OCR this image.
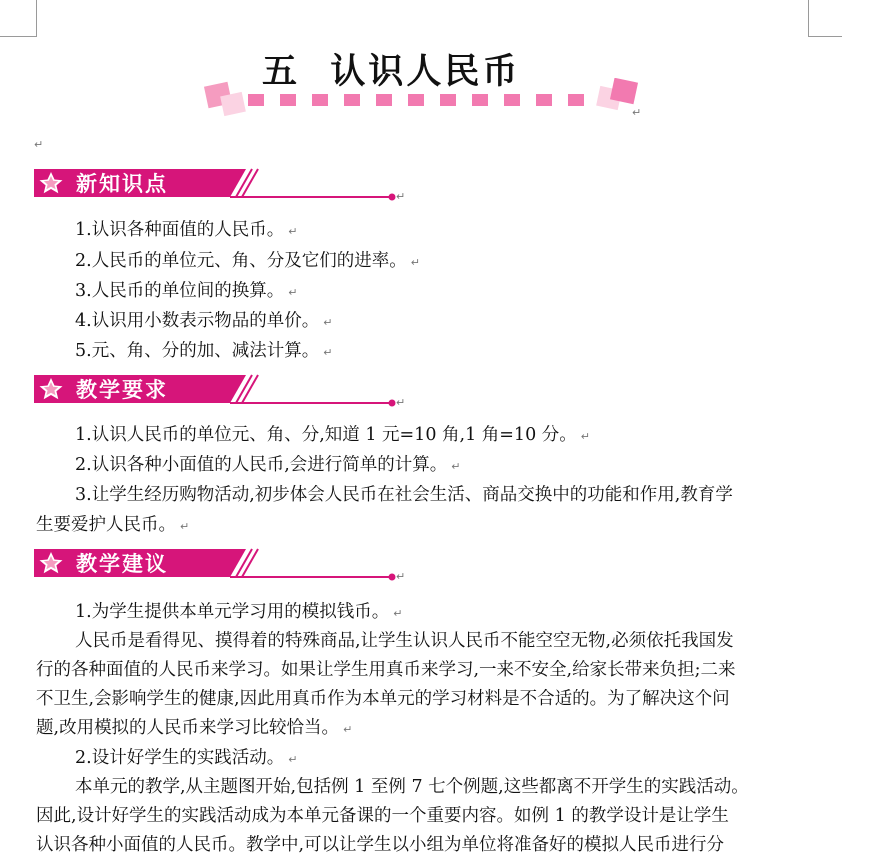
五  认识人民币
↵
↵
新知识点
↵
1.认识各种面值的人民币。 ↵
2.人民币的单位元、角、分及它们的进率。 ↵
3.人民币的单位间的换算。 ↵
4.认识用小数表示物品的单价。 ↵
5.元、角、分的加、减法计算。 ↵
教学要求
↵
1.认识人民币的单位元、角、分,知道 1 元=10 角,1 角=10 分。 ↵
2.认识各种小面值的人民币,会进行简单的计算。 ↵
3.让学生经历购物活动,初步体会人民币在社会生活、商品交换中的功能和作用,教育学
生要爱护人民币。 ↵
教学建议
↵
1.为学生提供本单元学习用的模拟钱币。 ↵
人民币是看得见、摸得着的特殊商品,让学生认识人民币不能空空无物,必须依托我国发
行的各种面值的人民币来学习。如果让学生用真币来学习,一来不安全,给家长带来负担;二来
不卫生,会影响学生的健康,因此用真币作为本单元的学习材料是不合适的。为了解决这个问
题,改用模拟的人民币来学习比较恰当。 ↵
2.设计好学生的实践活动。 ↵
本单元的教学,从主题图开始,包括例 1 至例 7 七个例题,这些都离不开学生的实践活动。
因此,设计好学生的实践活动成为本单元备课的一个重要内容。如例 1 的教学设计是让学生
认识各种小面值的人民币。教学中,可以让学生以小组为单位将准备好的模拟人民币进行分
